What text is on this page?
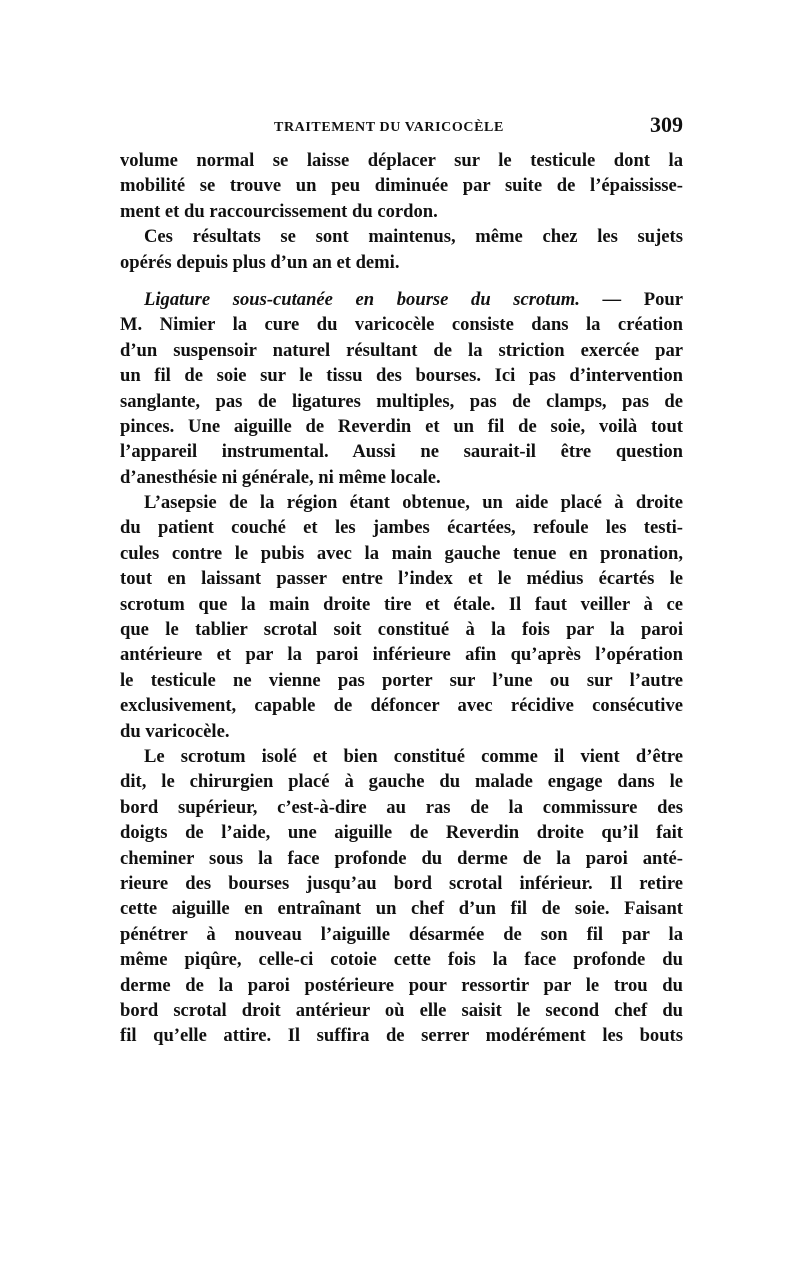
TRAITEMENT DU VARICOCÈLE	309
volume normal se laisse déplacer sur le testicule dont la
mobilité se trouve un peu diminuée par suite de l’épaississe-
ment et du raccourcissement du cordon.
Ces résultats se sont maintenus, même chez les sujets
opérés depuis plus d’un an et demi.
Ligature sous-cutanée en bourse du scrotum. — Pour
M. Nimier la cure du varicocèle consiste dans la création
d’un suspensoir naturel résultant de la striction exercée par
un fil de soie sur le tissu des bourses. Ici pas d’intervention
sanglante, pas de ligatures multiples, pas de clamps, pas de
pinces. Une aiguille de Reverdin et un fil de soie, voilà tout
l’appareil instrumental. Aussi ne saurait-il être question
d’anesthésie ni générale, ni même locale.
L’asepsie de la région étant obtenue, un aide placé à droite
du patient couché et les jambes écartées, refoule les testi-
cules contre le pubis avec la main gauche tenue en pronation,
tout en laissant passer entre l’index et le médius écartés le
scrotum que la main droite tire et étale. Il faut veiller à ce
que le tablier scrotal soit constitué à la fois par la paroi
antérieure et par la paroi inférieure afin qu’après l’opération
le testicule ne vienne pas porter sur l’une ou sur l’autre
exclusivement, capable de défoncer avec récidive consécutive
du varicocèle.
Le scrotum isolé et bien constitué comme il vient d’être
dit, le chirurgien placé à gauche du malade engage dans le
bord supérieur, c’est-à-dire au ras de la commissure des
doigts de l’aide, une aiguille de Reverdin droite qu’il fait
cheminer sous la face profonde du derme de la paroi anté-
rieure des bourses jusqu’au bord scrotal inférieur. Il retire
cette aiguille en entraînant un chef d’un fil de soie. Faisant
pénétrer à nouveau l’aiguille désarmée de son fil par la
même piqûre, celle-ci cotoie cette fois la face profonde du
derme de la paroi postérieure pour ressortir par le trou du
bord scrotal droit antérieur où elle saisit le second chef du
fil qu’elle attire. Il suffira de serrer modérément les bouts
